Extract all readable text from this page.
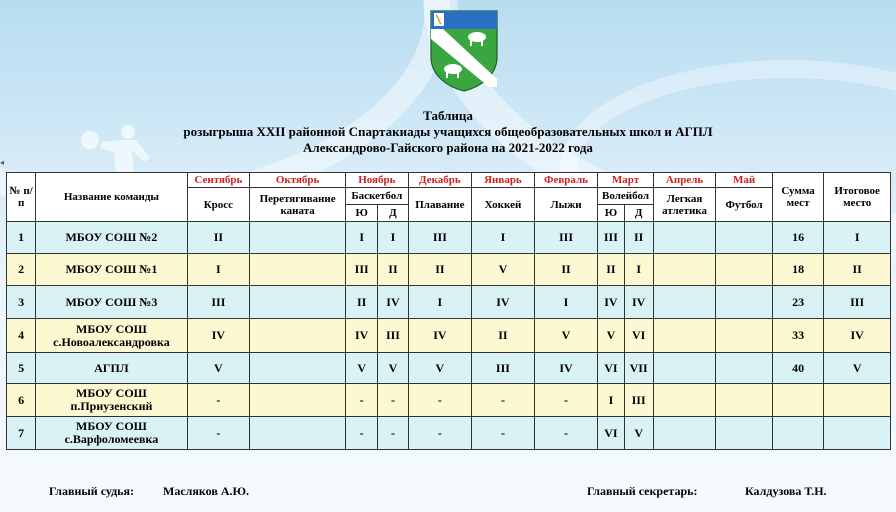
Таблица
розыгрыша XXII районной Спартакиады учащихся общеобразовательных школ и АГПЛ
Александрово-Гайского района на 2021-2022 года
◂
№ п/п	Название команды	Сентябрь	Октябрь	Ноябрь		Декабрь	Январь	Февраль	Март		Апрель	Май	Сумма мест	Итоговое место
		Кросс	Перетягивание каната	Баскетбол		Плавание	Хоккей	Лыжи	Волейбол		Легкая атлетика	Футбол		
				Ю	Д				Ю	Д				
1	МБОУ СОШ №2	II		I	I	III	I	III	III	II			16	I
2	МБОУ СОШ №1	I		III	II	II	V	II	II	I			18	II
3	МБОУ СОШ №3	III		II	IV	I	IV	I	IV	IV			23	III
4	МБОУ СОШ
с.Новоалександровка	IV		IV	III	IV	II	V	V	VI			33	IV
5	АГПЛ	V		V	V	V	III	IV	VI	VII			40	V
6	МБОУ СОШ
п.Приузенский	-		-	-	-	-	-	I	III				
7	МБОУ СОШ
с.Варфоломеевка	-		-	-	-	-	-	VI	V				
Главный судья: Масляков А.Ю.	Главный секретарь:	Калдузова Т.Н.
